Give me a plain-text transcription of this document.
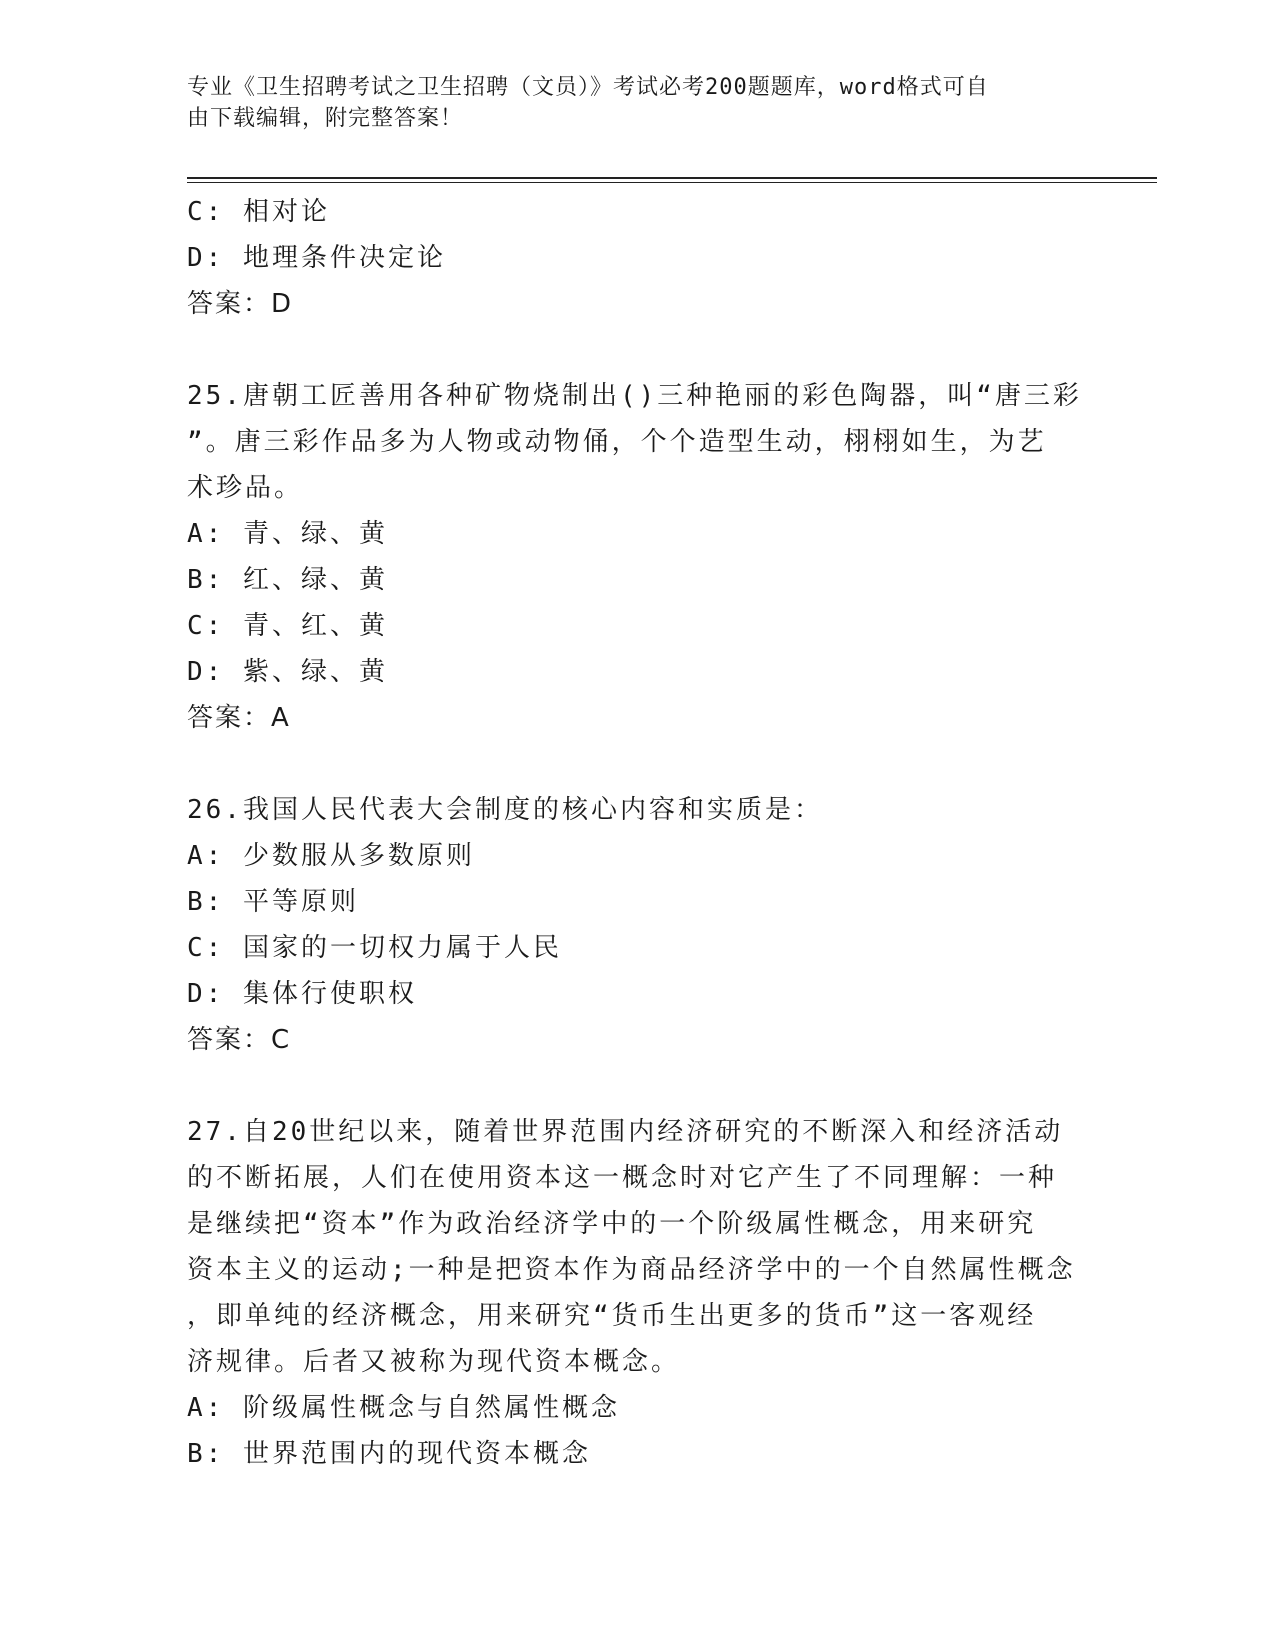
专业《卫生招聘考试之卫生招聘（文员）》考试必考200题题库，word格式可自
由下载编辑，附完整答案！
C: 相对论
D: 地理条件决定论
答案：D
25.唐朝工匠善用各种矿物烧制出()三种艳丽的彩色陶器，叫“唐三彩
”。唐三彩作品多为人物或动物俑，个个造型生动，栩栩如生，为艺
术珍品。
A: 青、绿、黄
B: 红、绿、黄
C: 青、红、黄
D: 紫、绿、黄
答案：A
26.我国人民代表大会制度的核心内容和实质是：
A: 少数服从多数原则
B: 平等原则
C: 国家的一切权力属于人民
D: 集体行使职权
答案：C
27.自20世纪以来，随着世界范围内经济研究的不断深入和经济活动
的不断拓展，人们在使用资本这一概念时对它产生了不同理解：一种
是继续把“资本”作为政治经济学中的一个阶级属性概念，用来研究
资本主义的运动;一种是把资本作为商品经济学中的一个自然属性概念
，即单纯的经济概念，用来研究“货币生出更多的货币”这一客观经
济规律。后者又被称为现代资本概念。
A: 阶级属性概念与自然属性概念
B: 世界范围内的现代资本概念
